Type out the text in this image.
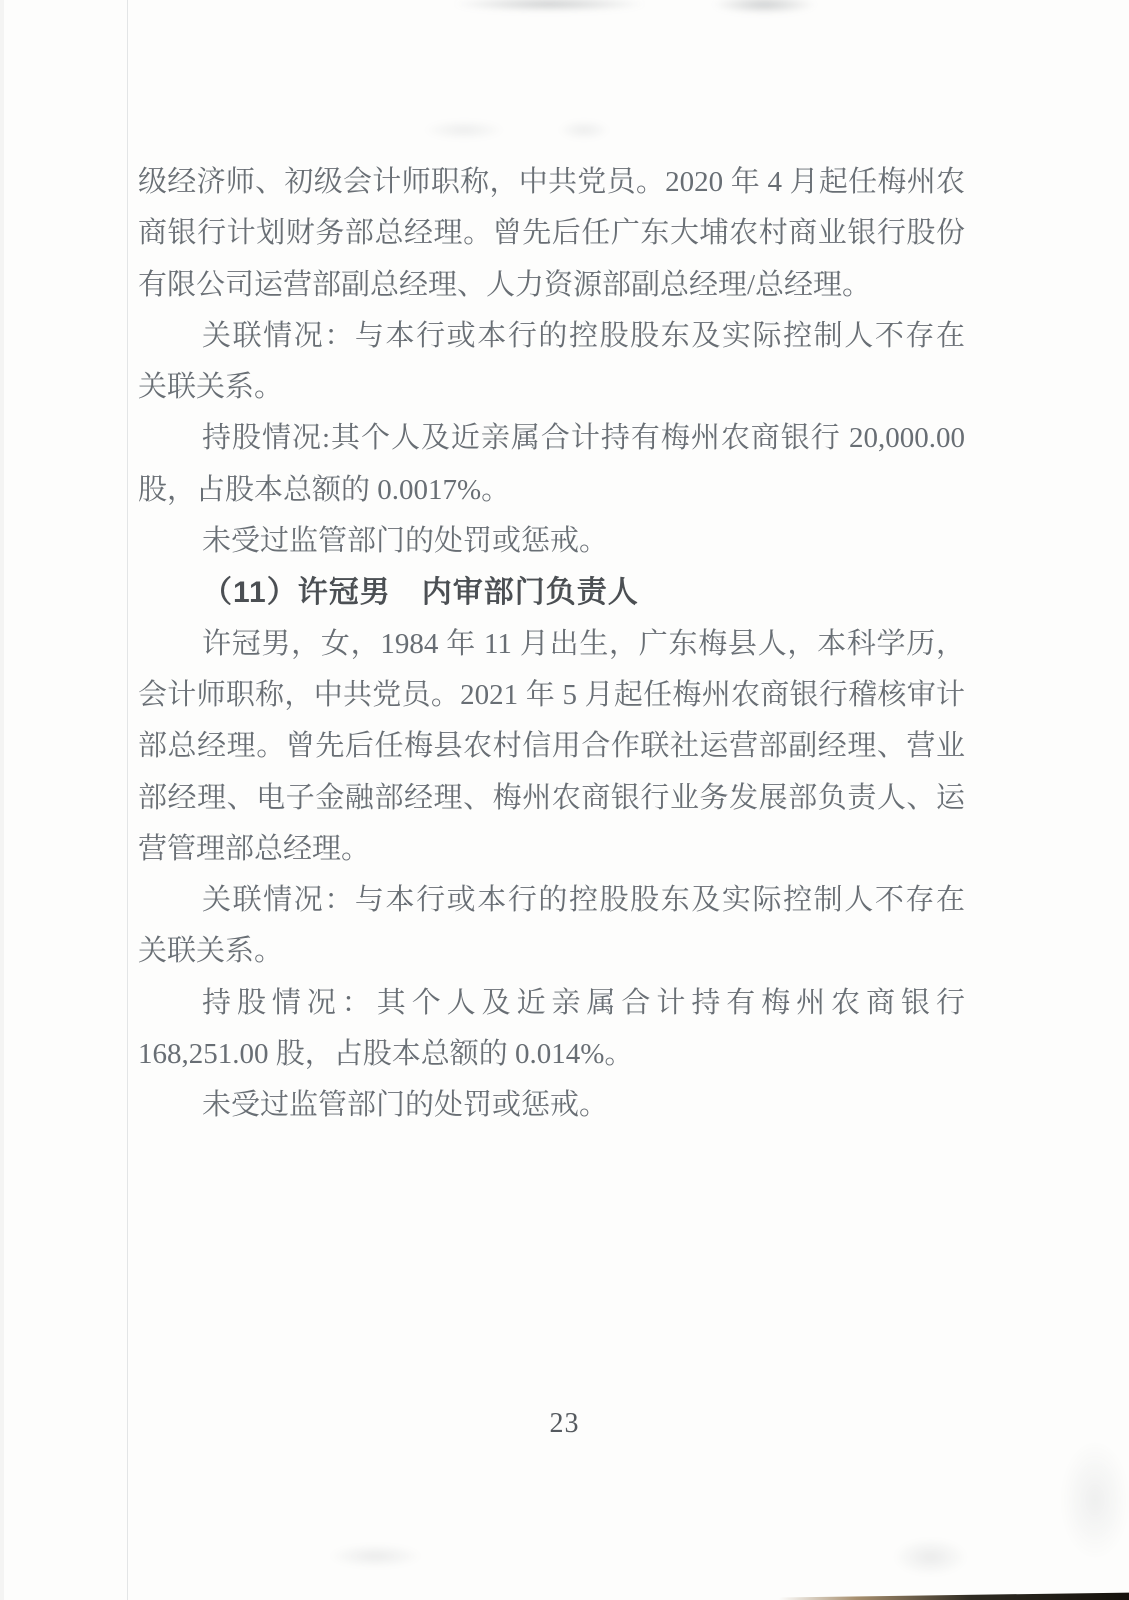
级经济师、初级会计师职称，中共党员。2020 年 4 月起任梅州农
商银行计划财务部总经理。曾先后任广东大埔农村商业银行股份
有限公司运营部副总经理、人力资源部副总经理/总经理。
关联情况：与本行或本行的控股股东及实际控制人不存在
关联关系。
持股情况:其个人及近亲属合计持有梅州农商银行 20,000.00
股，占股本总额的 0.0017%。
未受过监管部门的处罚或惩戒。
（11）许冠男　内审部门负责人
许冠男，女，1984 年 11 月出生，广东梅县人，本科学历，
会计师职称，中共党员。2021 年 5 月起任梅州农商银行稽核审计
部总经理。曾先后任梅县农村信用合作联社运营部副经理、营业
部经理、电子金融部经理、梅州农商银行业务发展部负责人、运
营管理部总经理。
关联情况：与本行或本行的控股股东及实际控制人不存在
关联关系。
持股情况：其个人及近亲属合计持有梅州农商银行
168,251.00 股，占股本总额的 0.014%。
未受过监管部门的处罚或惩戒。
23
